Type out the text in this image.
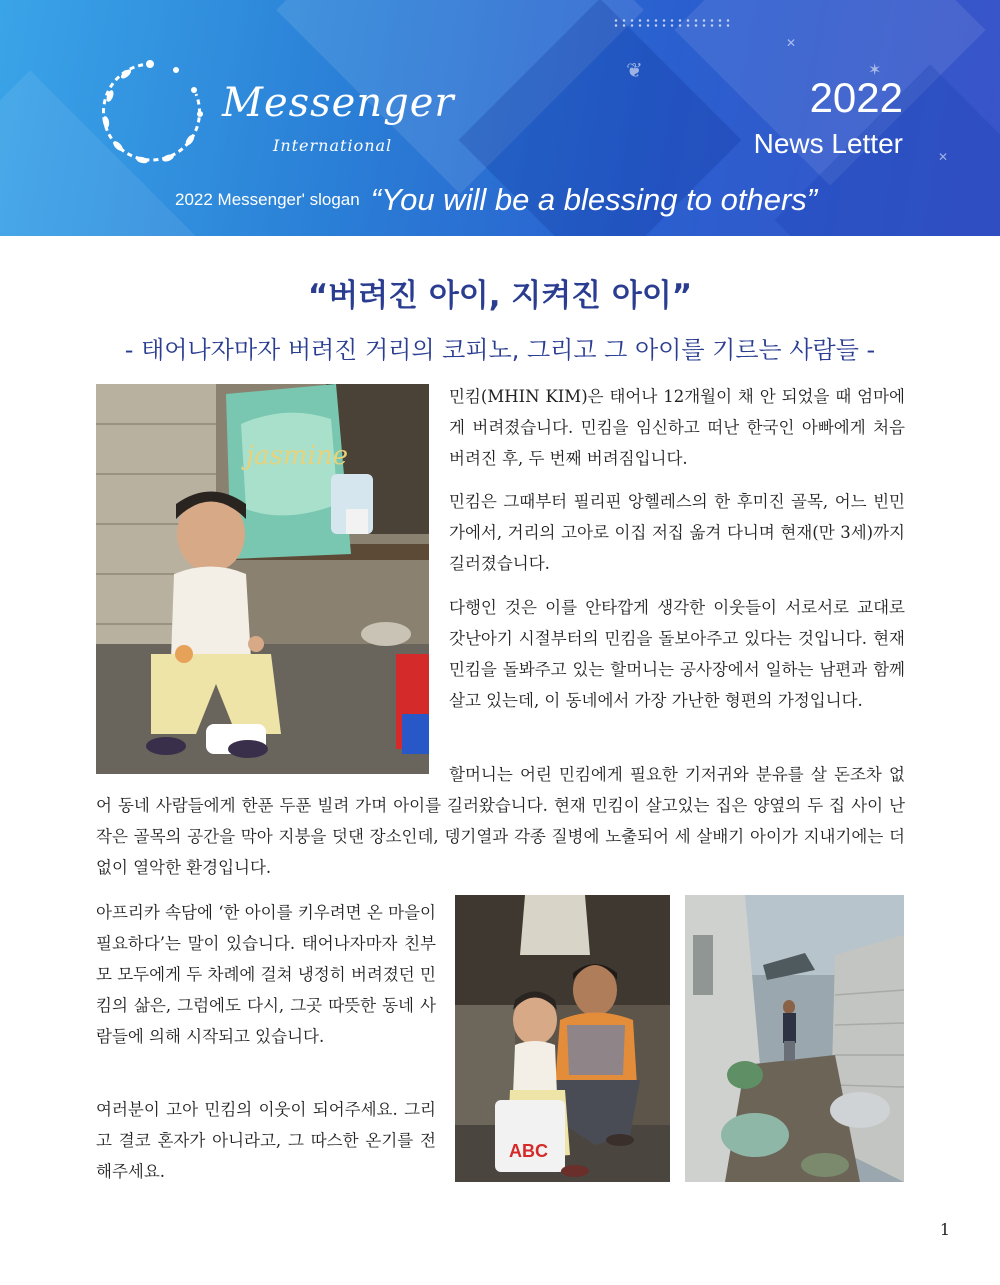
✕
✕
✶
❦
Messenger
International
2022
News Letter
2022 Messenger' slogan “You will be a blessing to others”
“버려진 아이, 지켜진 아이”
- 태어나자마자 버려진 거리의 코피노, 그리고 그 아이를 기르는 사람들 -
jasmine

민킴(MHIN KIM)은 태어나 12개월이 채 안 되었을 때 엄마에게 버려졌습니다. 민킴을 임신하고 떠난 한국인 아빠에게 처음 버려진 후, 두 번째 버려짐입니다.

민킴은 그때부터 필리핀 앙헬레스의 한 후미진 골목, 어느 빈민가에서, 거리의 고아로 이집 저집 옮겨 다니며 현재(만 3세)까지 길러졌습니다.

다행인 것은 이를 안타깝게 생각한 이웃들이 서로서로 교대로 갓난아기 시절부터의 민킴을 돌보아주고 있다는 것입니다. 현재 민킴을 돌봐주고 있는 할머니는 공사장에서 일하는 남편과 함께 살고 있는데, 이 동네에서 가장 가난한 형편의 가정입니다.

할머니는 어린 민킴에게 필요한 기저귀와 분유를 살 돈조차 없어 동네 사람들에게 한푼 두푼 빌려 가며 아이를 길러왔습니다. 현재 민킴이 살고있는 집은 양옆의 두 집 사이 난 작은 골목의 공간을 막아 지붕을 덧댄 장소인데, 뎅기열과 각종 질병에 노출되어 세 살배기 아이가 지내기에는 더없이 열악한 환경입니다.

아프리카 속담에 ‘한 아이를 키우려면 온 마을이 필요하다’는 말이 있습니다. 태어나자마자 친부모 모두에게 두 차례에 걸쳐 냉정히 버려졌던 민킴의 삶은, 그럼에도 다시, 그곳 따뜻한 동네 사람들에 의해 시작되고 있습니다.

여러분이 고아 민킴의 이웃이 되어주세요. 그리고 결코 혼자가 아니라고, 그 따스한 온기를 전해주세요.

ABC
1
